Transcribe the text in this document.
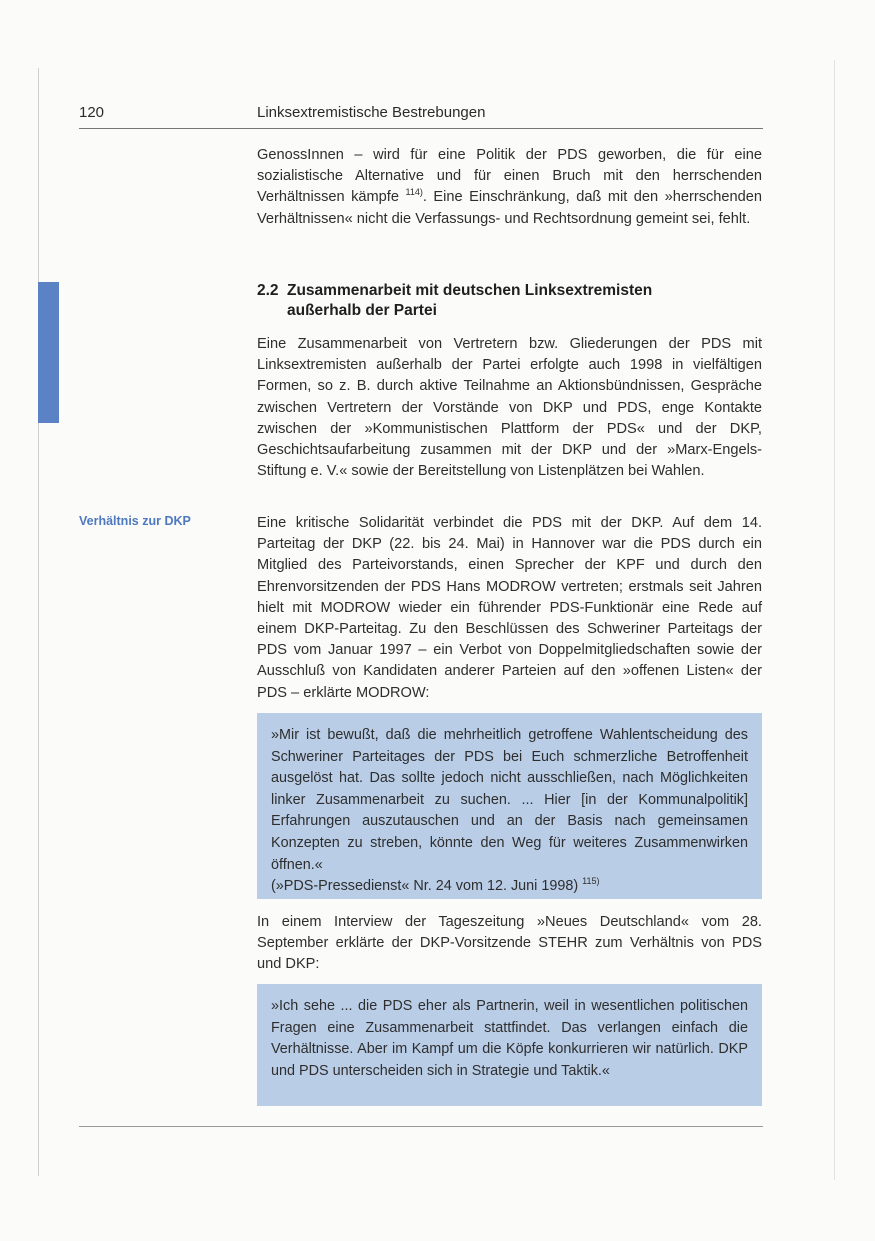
120	Linksextremistische Bestrebungen
GenossInnen – wird für eine Politik der PDS geworben, die für eine sozialistische Alternative und für einen Bruch mit den herrschenden Verhältnissen kämpfe $^{114)}$. Eine Einschränkung, daß mit den »herrschenden Verhältnissen« nicht die Verfassungs- und Rechtsordnung gemeint sei, fehlt.
2.2 Zusammenarbeit mit deutschen Linksextremisten
außerhalb der Partei
Eine Zusammenarbeit von Vertretern bzw. Gliederungen der PDS mit Linksextremisten außerhalb der Partei erfolgte auch 1998 in vielfältigen Formen, so z. B. durch aktive Teilnahme an Aktionsbündnissen, Gespräche zwischen Vertretern der Vorstände von DKP und PDS, enge Kontakte zwischen der »Kommunistischen Plattform der PDS« und der DKP, Geschichtsaufarbeitung zusammen mit der DKP und der »Marx-Engels-Stiftung e. V.« sowie der Bereitstellung von Listenplätzen bei Wahlen.
Verhältnis zur DKP	Eine kritische Solidarität verbindet die PDS mit der DKP. Auf dem 14. Parteitag der DKP (22. bis 24. Mai) in Hannover war die PDS durch ein Mitglied des Parteivorstands, einen Sprecher der KPF und durch den Ehrenvorsitzenden der PDS Hans MODROW vertreten; erstmals seit Jahren hielt mit MODROW wieder ein führender PDS-Funktionär eine Rede auf einem DKP-Parteitag. Zu den Beschlüssen des Schweriner Parteitags der PDS vom Januar 1997 – ein Verbot von Doppelmitgliedschaften sowie der Ausschluß von Kandidaten anderer Parteien auf den »offenen Listen« der PDS – erklärte MODROW:
»Mir ist bewußt, daß die mehrheitlich getroffene Wahlentscheidung des Schweriner Parteitages der PDS bei Euch schmerzliche Betroffenheit ausgelöst hat. Das sollte jedoch nicht ausschließen, nach Möglichkeiten linker Zusammenarbeit zu suchen. ... Hier [in der Kommunalpolitik] Erfahrungen auszutauschen und an der Basis nach gemeinsamen Konzepten zu streben, könnte den Weg für weiteres Zusammenwirken öffnen.«
(»PDS-Pressedienst« Nr. 24 vom 12. Juni 1998) $^{115)}$
In einem Interview der Tageszeitung »Neues Deutschland« vom 28. September erklärte der DKP-Vorsitzende STEHR zum Verhältnis von PDS und DKP:
»Ich sehe ... die PDS eher als Partnerin, weil in wesentlichen politischen Fragen eine Zusammenarbeit stattfindet. Das verlangen einfach die Verhältnisse. Aber im Kampf um die Köpfe konkurrieren wir natürlich. DKP und PDS unterscheiden sich in Strategie und Taktik.«
